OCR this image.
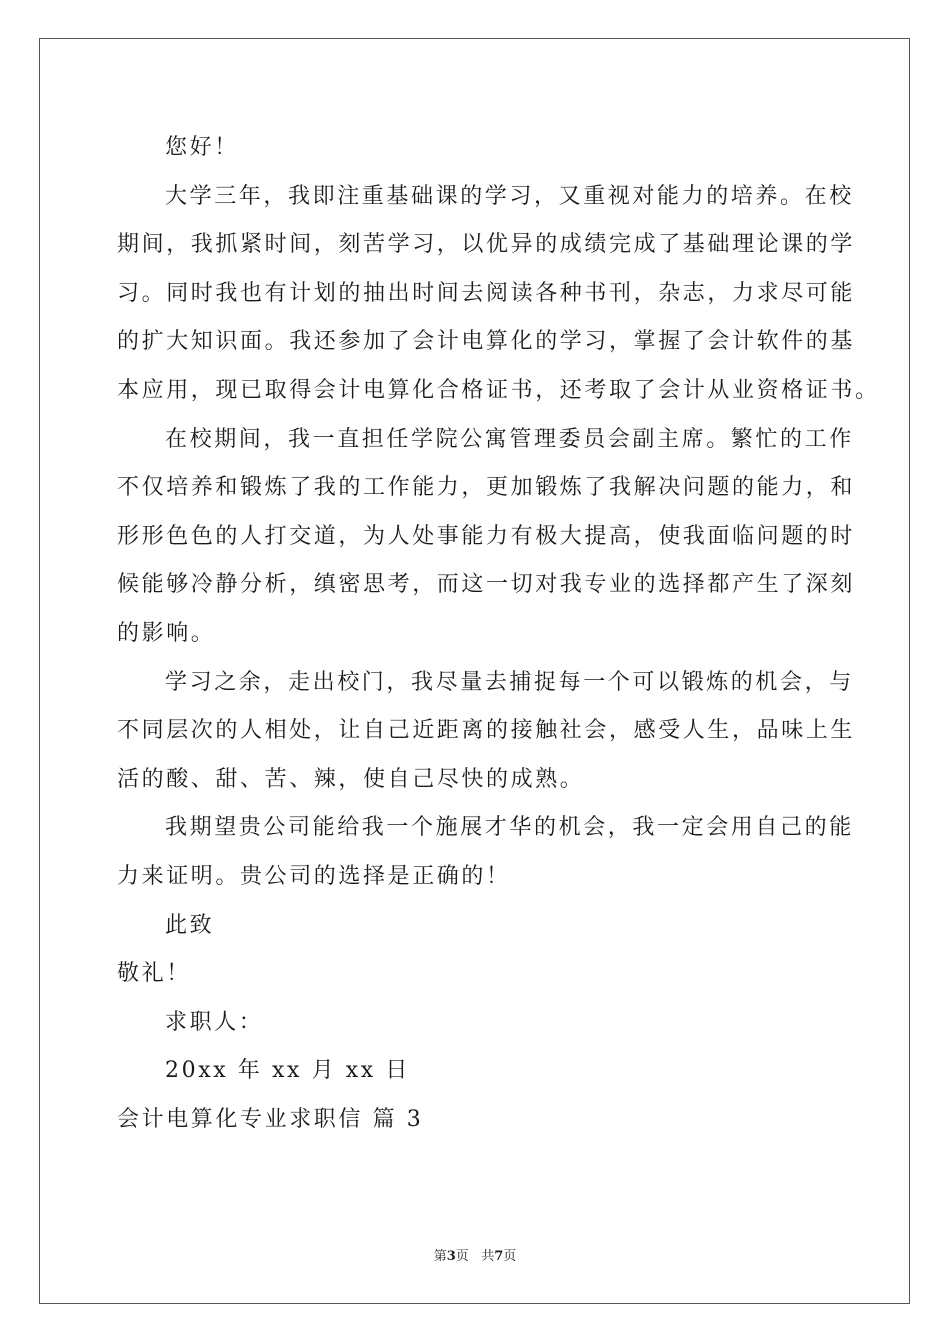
您好！
大学三年，我即注重基础课的学习，又重视对能力的培养。在校
期间，我抓紧时间，刻苦学习，以优异的成绩完成了基础理论课的学
习。同时我也有计划的抽出时间去阅读各种书刊，杂志，力求尽可能
的扩大知识面。我还参加了会计电算化的学习，掌握了会计软件的基
本应用，现已取得会计电算化合格证书，还考取了会计从业资格证书。
在校期间，我一直担任学院公寓管理委员会副主席。繁忙的工作
不仅培养和锻炼了我的工作能力，更加锻炼了我解决问题的能力，和
形形色色的人打交道，为人处事能力有极大提高，使我面临问题的时
候能够冷静分析，缜密思考，而这一切对我专业的选择都产生了深刻
的影响。
学习之余，走出校门，我尽量去捕捉每一个可以锻炼的机会，与
不同层次的人相处，让自己近距离的接触社会，感受人生，品味上生
活的酸、甜、苦、辣，使自己尽快的成熟。
我期望贵公司能给我一个施展才华的机会，我一定会用自己的能
力来证明。贵公司的选择是正确的！
此致
敬礼！
求职人：
20xx 年 xx 月 xx 日
会计电算化专业求职信 篇 3
第3页 共7页
